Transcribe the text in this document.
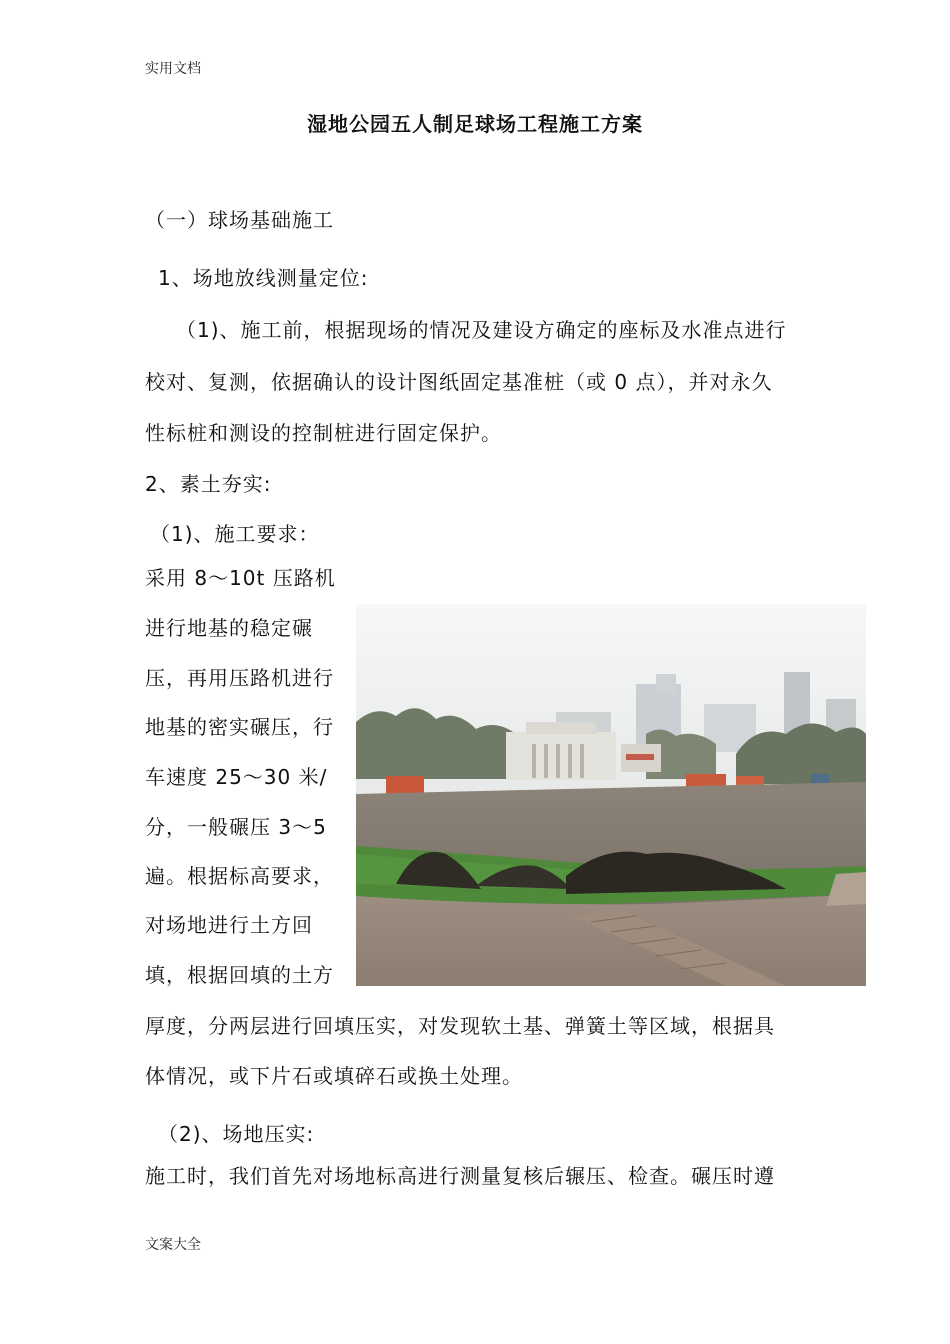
实用文档
文案大全
湿地公园五人制足球场工程施工方案
（一）球场基础施工
1、场地放线测量定位:
（1)、施工前，根据现场的情况及建设方确定的座标及水准点进行
校对、复测，依据确认的设计图纸固定基准桩（或 0 点），并对永久
性标桩和测设的控制桩进行固定保护。
2、素土夯实:
（1)、施工要求：
采用 8～10t 压路机
进行地基的稳定碾
压，再用压路机进行
地基的密实碾压，行
车速度 25～30 米/
分，一般碾压 3～5
遍。根据标高要求，
对场地进行土方回
填，根据回填的土方
厚度，分两层进行回填压实，对发现软土基、弹簧土等区域，根据具
体情况，或下片石或填碎石或换土处理。
（2)、场地压实:
施工时，我们首先对场地标高进行测量复核后辗压、检查。碾压时遵
